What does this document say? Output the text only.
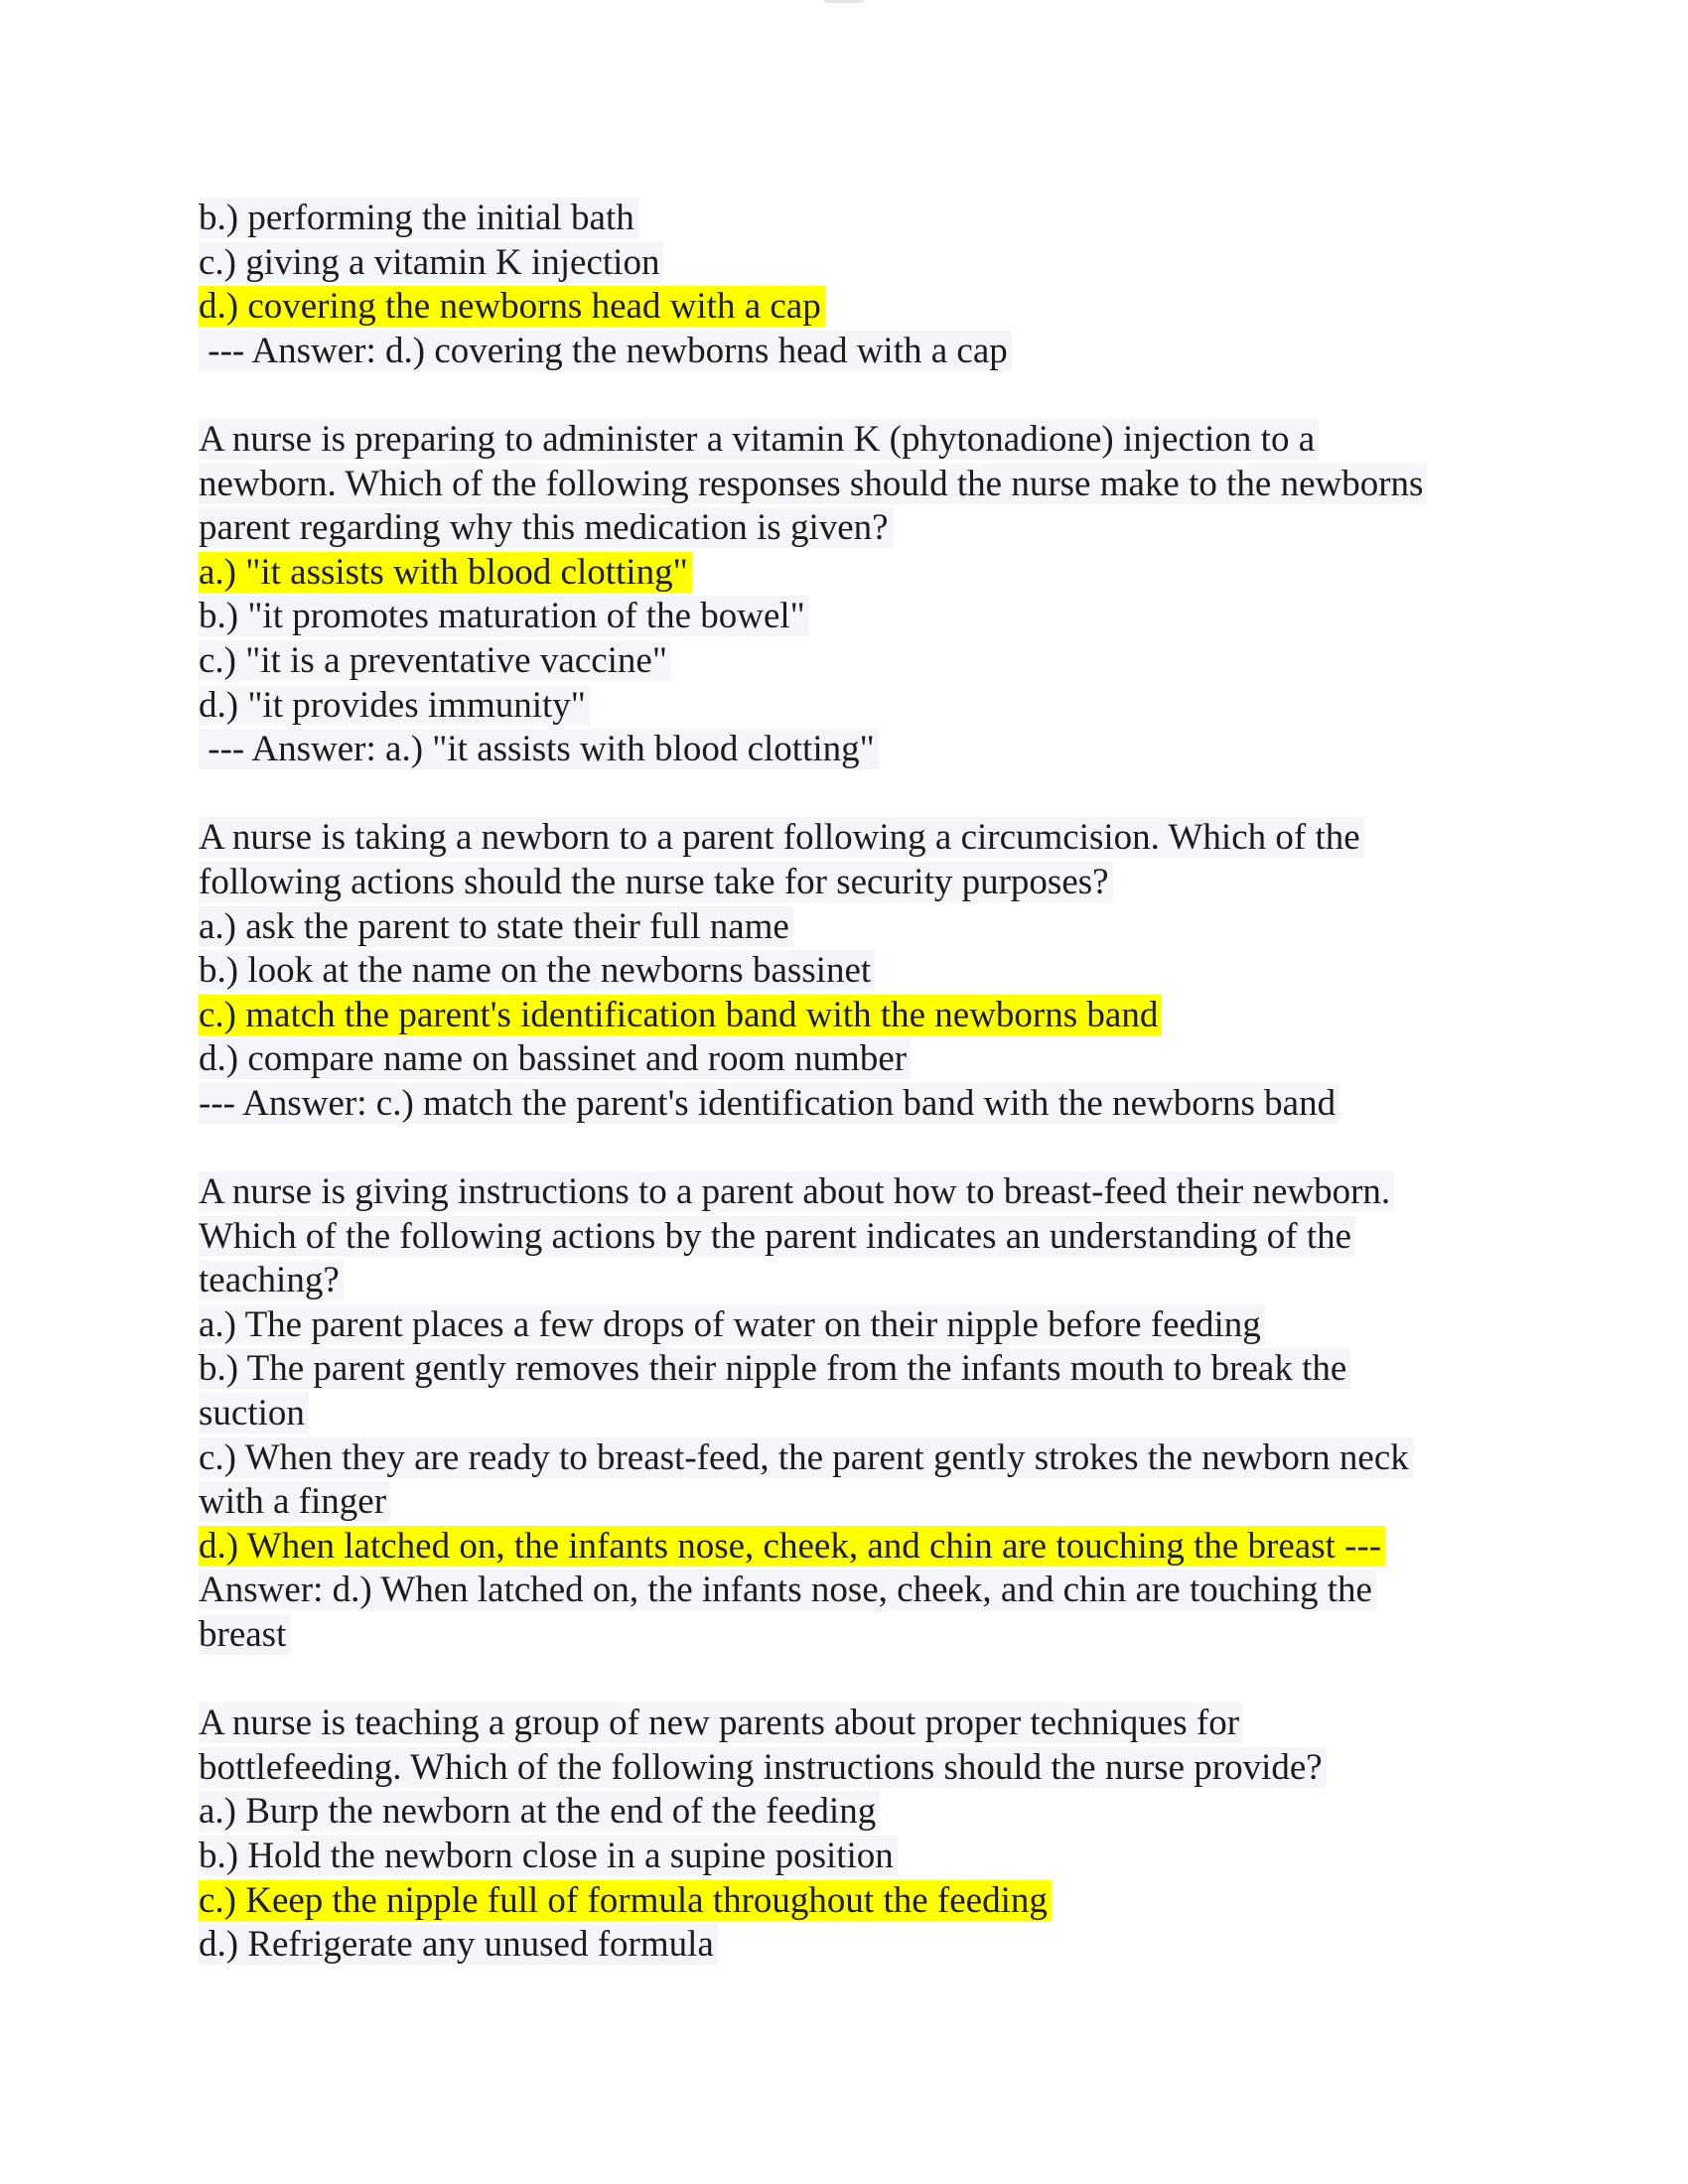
b.) performing the initial bath
c.) giving a vitamin K injection
d.) covering the newborns head with a cap
--- Answer: d.) covering the newborns head with a cap
A nurse is preparing to administer a vitamin K (phytonadione) injection to a
newborn. Which of the following responses should the nurse make to the newborns
parent regarding why this medication is given?
a.) "it assists with blood clotting"
b.) "it promotes maturation of the bowel"
c.) "it is a preventative vaccine"
d.) "it provides immunity"
--- Answer: a.) "it assists with blood clotting"
A nurse is taking a newborn to a parent following a circumcision. Which of the
following actions should the nurse take for security purposes?
a.) ask the parent to state their full name
b.) look at the name on the newborns bassinet
c.) match the parent's identification band with the newborns band
d.) compare name on bassinet and room number
--- Answer: c.) match the parent's identification band with the newborns band
A nurse is giving instructions to a parent about how to breast-feed their newborn.
Which of the following actions by the parent indicates an understanding of the
teaching?
a.) The parent places a few drops of water on their nipple before feeding
b.) The parent gently removes their nipple from the infants mouth to break the
suction
c.) When they are ready to breast-feed, the parent gently strokes the newborn neck
with a finger
d.) When latched on, the infants nose, cheek, and chin are touching the breast ---
Answer: d.) When latched on, the infants nose, cheek, and chin are touching the
breast
A nurse is teaching a group of new parents about proper techniques for
bottlefeeding. Which of the following instructions should the nurse provide?
a.) Burp the newborn at the end of the feeding
b.) Hold the newborn close in a supine position
c.) Keep the nipple full of formula throughout the feeding
d.) Refrigerate any unused formula
